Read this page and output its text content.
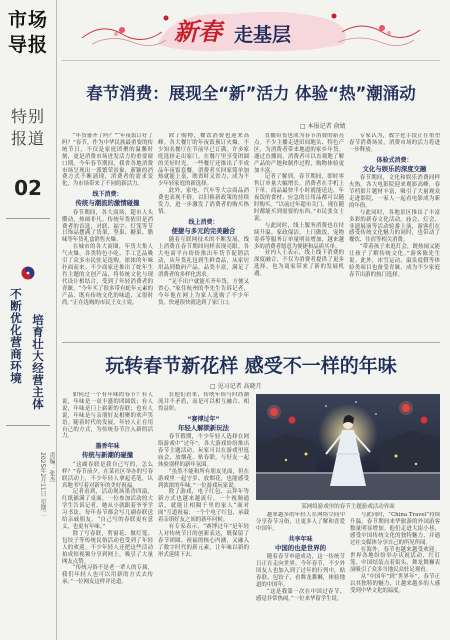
市场
导报
特别
报道
02
不断优化营商环境 培育壮大经营主体
责编：张杰
2025年2月11日 星期二
新春 走基层
春节消费：展现全“新”活力 体验“热”潮涌动
□ 本报记者 俞婧

“年货备齐了吗？”“年夜饭订好了吗？”春节，作为中华民族最重要的传统节日，不仅是家庭团聚的温馨时刻，更是消费市场迸发活力的重要窗口期。今年春节期间，我省各地消费市场呈现出一派繁荣景象，新颖的消费方式不断涌现，消费者的需求变化，为市场带来了不同的新活力。

线下消费：
传统与潮流的激情碰撞

春节期间，各大商场、超市人头攒动，热闹非凡。传统年货依旧是消费者的首选，对联、福字、灯笼等节日饰品摆满了货架，坚果、糖果、腊味等年货礼盒销售火爆。

在城市的各大商圈，年货大集人气火爆，各类特色小吃、手工艺品吸引了众多市民驻足选购，浓浓的年味扑面而来。不少商家还推出了蛇年生肖主题的文创产品，将传统文化与现代设计相结合，受到了年轻消费者的青睐。“今年买了很多带有蛇年元素的产品，既有传统文化的味道，又很时尚。”正在选购的市民王女士说。

除了购物，餐饮消费也迎来高峰。各大餐厅的年夜饭预订火爆，不少知名餐厅在节前早已订满。许多家庭选择走出家门，在餐厅里享受团圆的美好时光。一些餐厅还推出了半成品年夜饭套餐，消费者买回家简单加热就能上桌，既省时又省力，成为不少年轻家庭的新选择。

此外，家电、汽车等大宗商品消费也表现不俗。以旧换新政策的持续发力，进一步激发了消费者的购买热情。

线上消费：
便捷与多元的完美融合

随着互联网技术的不断发展，线上消费在春节期间同样表现亮眼。各大电商平台纷纷推出年货节促销活动，从年货礼包到生鲜食品，从家居用品到数码产品，品类丰富，满足了消费者的多样化需求。

“足不出户就能买齐年货，方便又省心。”家住杭州的李先生告诉记者，今年他在网上为家人选购了不少年货，快递很快就送到了家门口。

直播带货也成为春节消费的新亮点。不少主播走进田间地头、特色产区，为消费者带来地道的家乡年货。通过直播间，消费者可以直观地了解产品的产地和制作过程，购物体验更加丰富。

记者了解到，春节期间，即时零售订单量大幅增长。消费者在手机上下单，商品最快半小时就能送达，年夜饭的食材、应急的日用品都可以随时购买。“以前过年超市关门，现在随时都能买到需要的东西。”市民张女士说。

与此同时，线上服务消费也在持续升温。家政保洁、上门做饭、宠物寄养等服务订单量明显增加，越来越多的消费者愿意为便捷和品质买单。

业内人士表示，线上线下消费的深度融合，不仅为消费者提供了更多选择，也为商家带来了新的发展机遇。

专家认为，数字化手段正在重塑春节消费场景，消费市场的活力将进一步释放。

体验式消费：
文化与娱乐的深度交融

春节期间，文化和娱乐消费同样火热。各大电影院迎来观影高峰，春节档影片题材丰富，吸引了大量观众走进影院，一家人一起看电影成为新的年俗。

与此同时，各地景区推出了丰富多彩的新春文化活动。庙会、灯会、非遗展演等活动轮番上演，游客们在感受传统文化魅力的同时，也带动了餐饮、住宿等相关消费。

“带着孩子来逛灯会，既热闹又能让孩子了解传统文化。”游客陈先生说。此外，冰雪运动、温泉度假等体验类项目也备受青睐，成为不少家庭春节出游的热门选择。

玩转春节新花样 感受不一样的年味
□ 见习记者 高晓月

如何过一个有年味的春节？有人说，年味是一桌丰盛的团圆饭；有人说，年味是门上崭新的春联；也有人说，年味是与亲朋好友相聚的欢声笑语。随着时代的发展，年轻人正在用自己的方式，为传统春节注入新的活力。

墨香年味
传统与新潮的碰撞

“这副春联是我自己写的，怎么样？”春节前夕，在某社区举办的写春联活动上，不少年轻人拿起毛笔，认真地书写着对新年的美好祝福。

记者看到，活动现场墨香四溢，红纸铺满了桌面。一位参加活动的大学生告诉记者，她从小就跟着爷爷学习书法，每年春节都会写几副春联送给亲戚朋友。“自己写的春联更有意义，也更有年味。”

除了写春联，剪窗花、做灯笼、包饺子等传统民俗活动也受到了年轻人的欢迎。不少年轻人还把这些活动拍成短视频分享到网上，吸引了大量网友点赞。

“传统习俗不是老一辈人的专属，我们年轻人也可以用新的方式去传承。”一位网友这样评论道。

在他们看来，传统年俗与时尚潮流并不矛盾，而是可以相互融合、相得益彰。

“赛博过年”
年轻人解锁新玩法

春节假期，不少年轻人选择在网络游戏中“过年”。各大游戏纷纷推出春节主题活动，玩家可以在游戏里逛庙会、放烟花、贴春联，与好友一起体验别样的新年氛围。

“虽然不能和所有朋友见面，但在游戏里一起守岁、放烟花，也能感受到浓浓的年味。”一位游戏玩家说。

除了游戏，电子红包、云拜年等新方式也越来越流行。一个视频通话，就能让相隔千里的家人“面对面”互道祝福；一个个电子红包，承载着亲朋好友之间的新年问候。

有专家表示，“赛博过年”是年轻人对传统节日的创新表达，既保留了春节团圆、祝福的核心内涵，又融入了数字时代的新元素，让年味以新的形式延续下去。

某网络游戏里的春节主题游戏活动界面

越来越多的年轻人在网络空间中分享春节习俗，让更多人了解和喜爱中国年。

共享年味
中国的也是世界的

随着春节申遗成功，这一传统节日正在走向世界。今年春节，不少外国友人也加入到了过年的行列中，贴春联、包饺子、看舞龙舞狮，体验地道的中国年。

“这是我第一次在中国过春节，感觉非常热闹。”一位来华留学生说。

与此同时，“China Travel”持续升温，春节期间来华旅游的外国游客数量明显增加。他们走进大街小巷，感受中国传统文化的独特魅力，并通过社交媒体分享自己的所见所闻。

在海外，春节也越来越受欢迎。世界各地纷纷举办庆祝活动，红灯笼、中国结装点着街头，舞龙舞狮表演吸引了众多当地民众驻足观看。

从“中国年”到“世界年”，春节正以其独特的魅力，让越来越多的人感受到中华文化的温度。
